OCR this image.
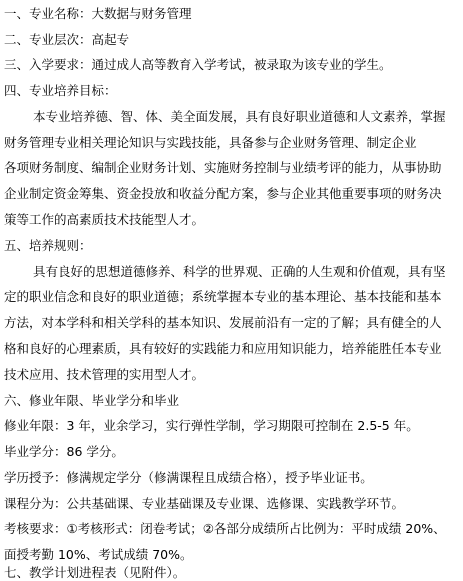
一、专业名称：大数据与财务管理
二、专业层次：高起专
三、入学要求：通过成人高等教育入学考试，被录取为该专业的学生。
四、专业培养目标：
本专业培养德、智、体、美全面发展，具有良好职业道德和人文素养，掌握
财务管理专业相关理论知识与实践技能，具备参与企业财务管理、制定企业
各项财务制度、编制企业财务计划、实施财务控制与业绩考评的能力，从事协助
企业制定资金筹集、资金投放和收益分配方案，参与企业其他重要事项的财务决
策等工作的高素质技术技能型人才。
五、培养规则：
具有良好的思想道德修养、科学的世界观、正确的人生观和价值观，具有坚
定的职业信念和良好的职业道德；系统掌握本专业的基本理论、基本技能和基本
方法，对本学科和相关学科的基本知识、发展前沿有一定的了解；具有健全的人
格和良好的心理素质，具有较好的实践能力和应用知识能力，培养能胜任本专业
技术应用、技术管理的实用型人才。
六、修业年限、毕业学分和毕业
修业年限：3 年，业余学习，实行弹性学制，学习期限可控制在 2.5-5 年。
毕业学分：86 学分。
学历授予：修满规定学分（修满课程且成绩合格），授予毕业证书。
课程分为：公共基础课、专业基础课及专业课、选修课、实践教学环节。
考核要求：①考核形式：闭卷考试；②各部分成绩所占比例为：平时成绩 20%、
面授考勤 10%、考试成绩 70%。
七、教学计划进程表（见附件）。
